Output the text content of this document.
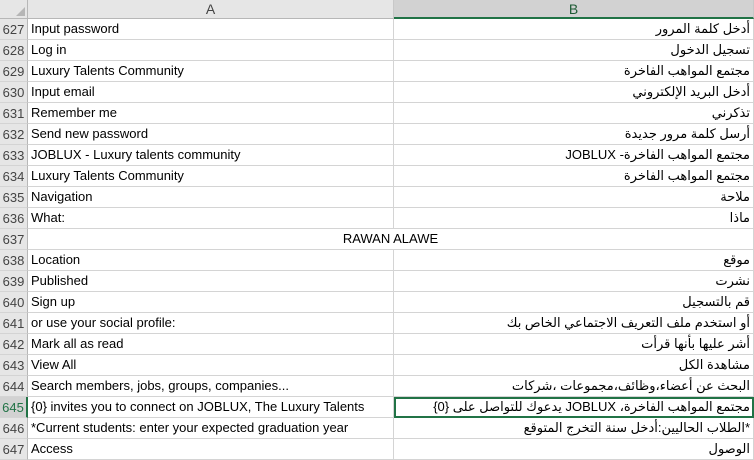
A	B
627 Input password	أدخل كلمة المرور
628 Log in	تسجيل الدخول
629 Luxury Talents Community	مجتمع المواهب الفاخرة
630 Input email	أدخل البريد الإلكتروني
631 Remember me	تذكرني
632 Send new password	أرسل كلمة مرور جديدة
633 JOBLUX - Luxury talents community	مجتمع المواهب الفاخرة- JOBLUX
634 Luxury Talents Community	مجتمع المواهب الفاخرة
635 Navigation	ملاحة
636 What:	ماذا
637	RAWAN ALAWE
638 Location	موقع
639 Published	نشرت
640 Sign up	قم بالتسجيل
641 or use your social profile:	أو استخدم ملف التعريف الاجتماعي الخاص بك
642 Mark all as read	أشر عليها بأنها قرأت
643 View All	مشاهدة الكل
644 Search members, jobs, groups, companies...	البحث عن أعضاء،وظائف،مجموعات ،شركات
645 {0} invites you to connect on JOBLUX, The Luxury Talents	مجتمع المواهب الفاخرة، JOBLUX يدعوك للتواصل على {0}
646 *Current students: enter your expected graduation year	*الطلاب الحاليين:أدخل سنة التخرج المتوقع
647 Access	الوصول
